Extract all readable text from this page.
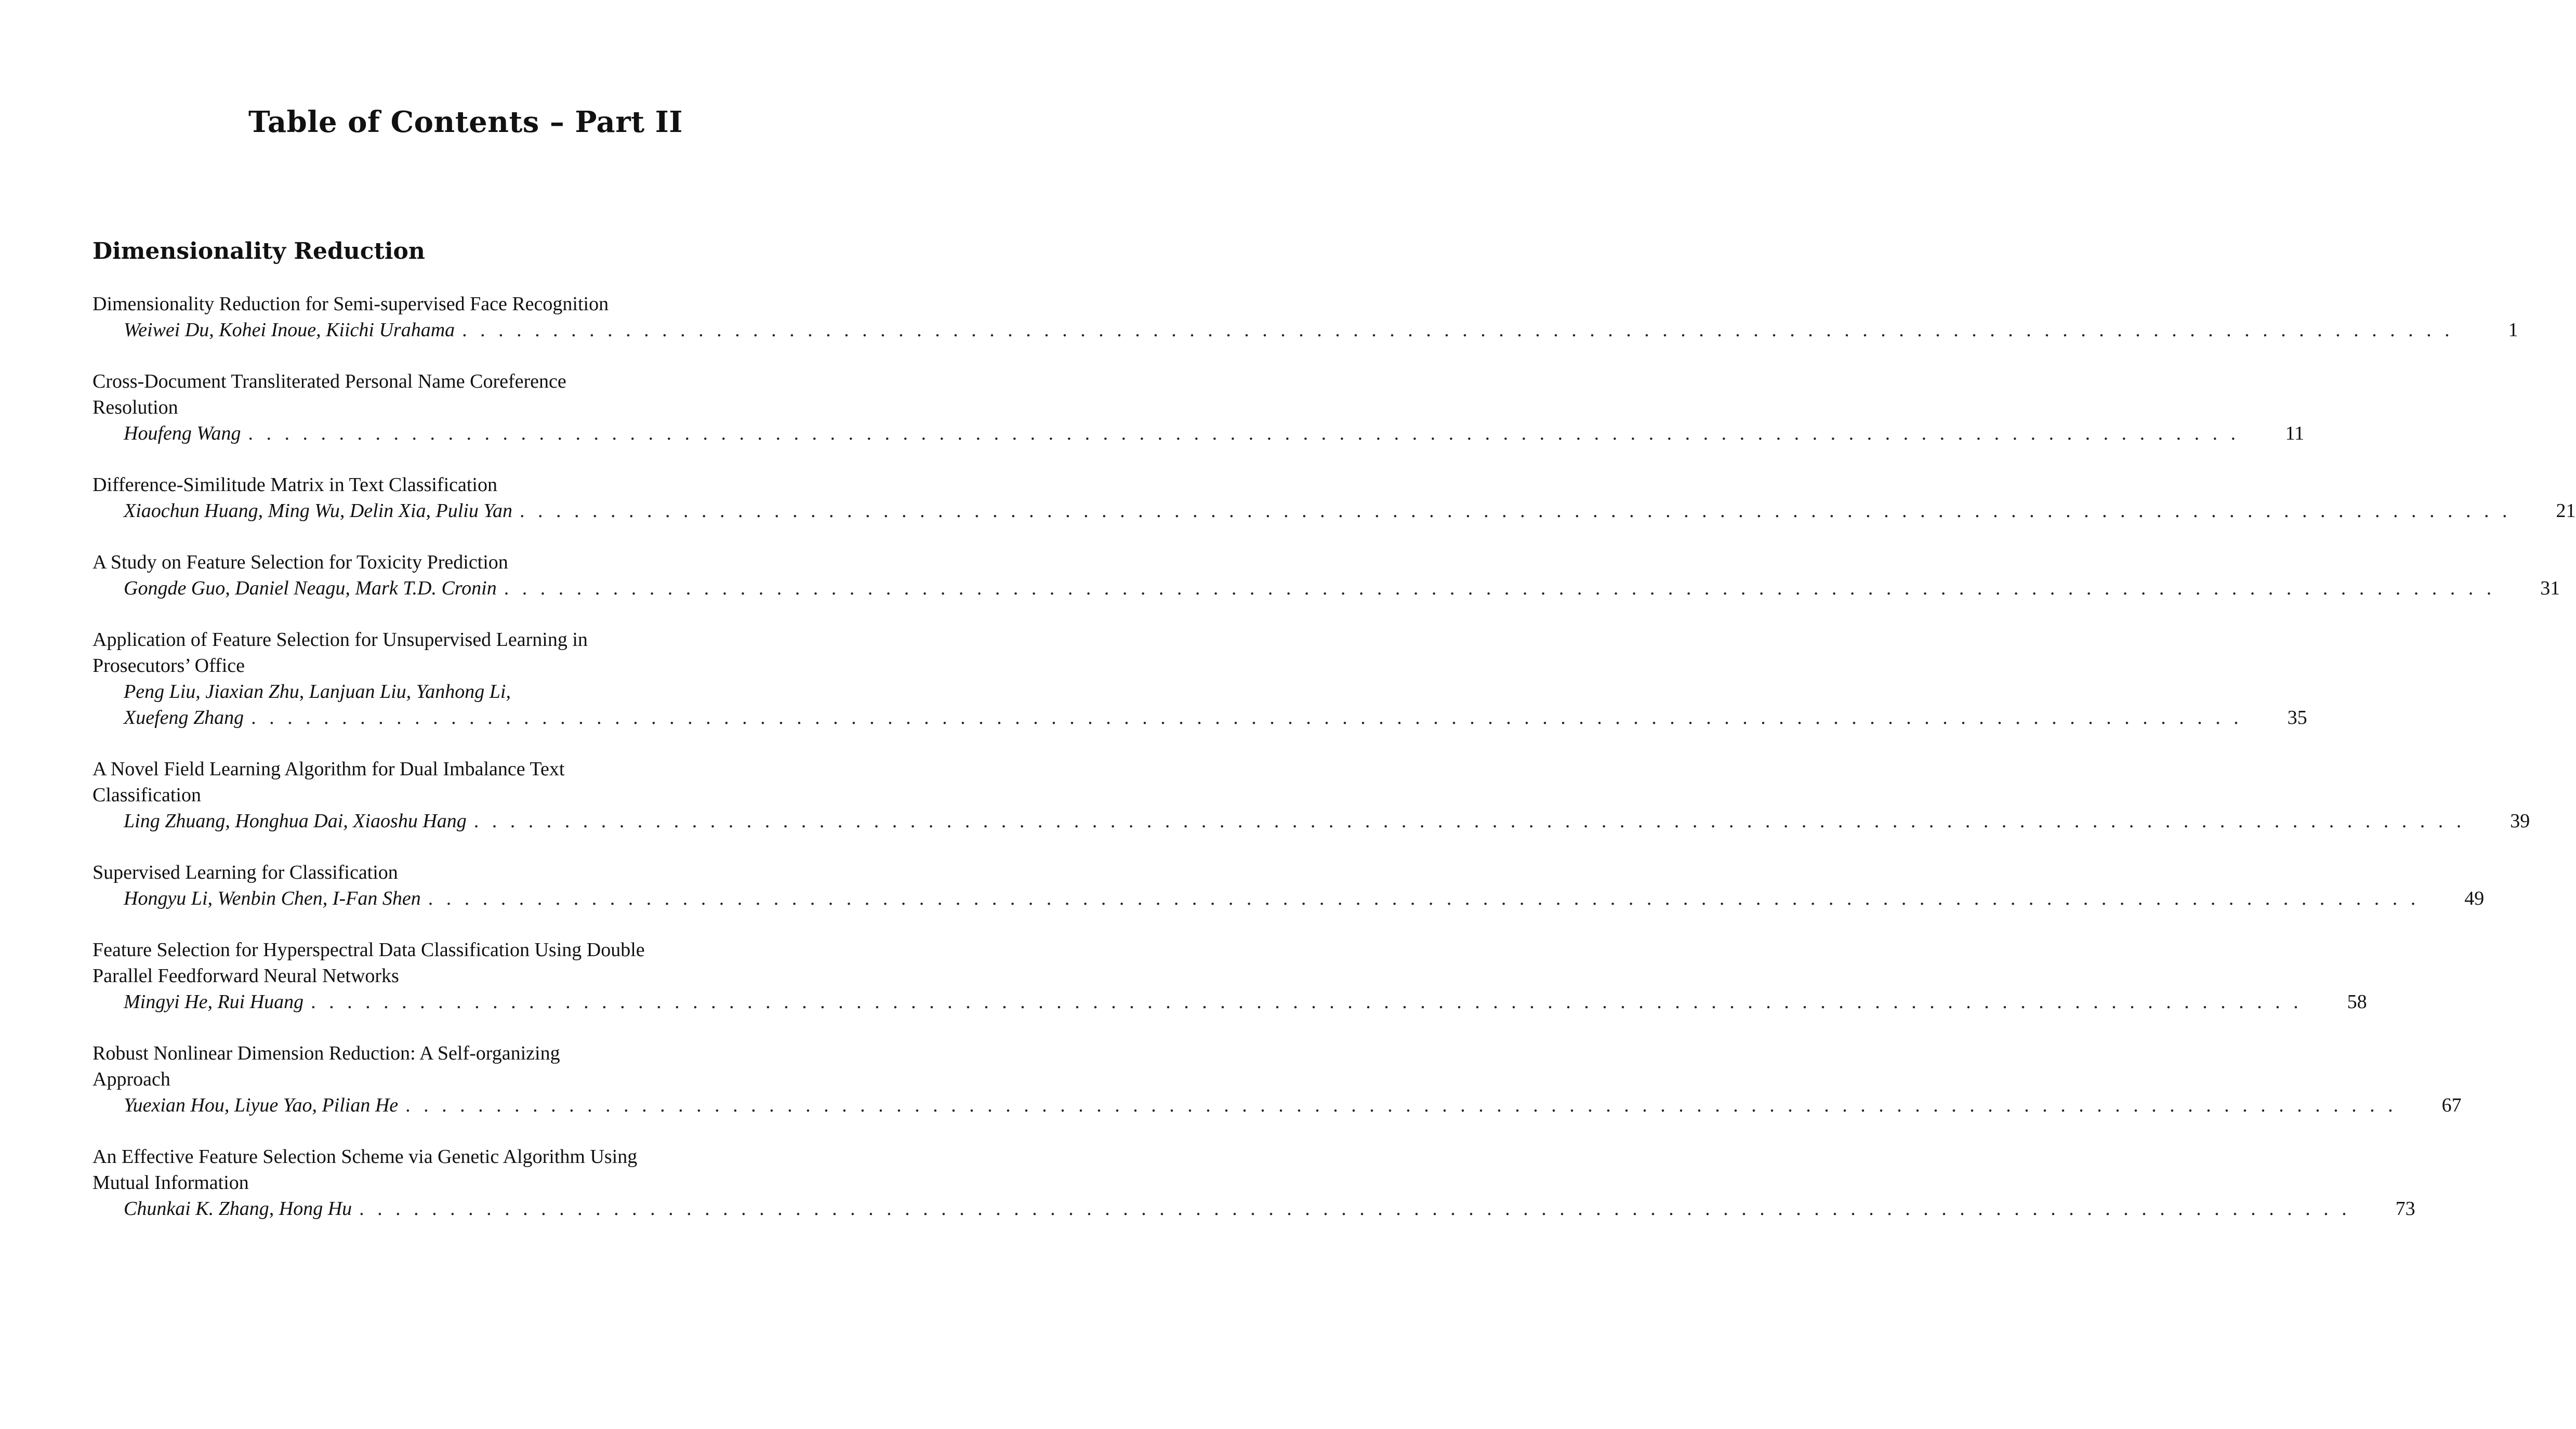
Table of Contents – Part II
Dimensionality Reduction
Dimensionality Reduction for Semi-supervised Face Recognition
Weiwei Du, Kohei Inoue, Kiichi Urahama . . . . . . . . . . . . . . . . . . . . . . . . . . . . . . . . . . . . . . . . . . . . . . . . . . . . . . . . . . . . . . . . . . . . . . . . . . . . . . . . . . . . . . . . . . . . . . . . . . . . . . . . . . . . . .	1
Cross-Document Transliterated Personal Name Coreference
Resolution
Houfeng Wang . . . . . . . . . . . . . . . . . . . . . . . . . . . . . . . . . . . . . . . . . . . . . . . . . . . . . . . . . . . . . . . . . . . . . . . . . . . . . . . . . . . . . . . . . . . . . . . . . . . . . . . . . . . . . .	11
Difference-Similitude Matrix in Text Classification
Xiaochun Huang, Ming Wu, Delin Xia, Puliu Yan . . . . . . . . . . . . . . . . . . . . . . . . . . . . . . . . . . . . . . . . . . . . . . . . . . . . . . . . . . . . . . . . . . . . . . . . . . . . . . . . . . . . . . . . . . . . . . . . . . . . . . . . . . . . . .	21
A Study on Feature Selection for Toxicity Prediction
Gongde Guo, Daniel Neagu, Mark T.D. Cronin . . . . . . . . . . . . . . . . . . . . . . . . . . . . . . . . . . . . . . . . . . . . . . . . . . . . . . . . . . . . . . . . . . . . . . . . . . . . . . . . . . . . . . . . . . . . . . . . . . . . . . . . . . . . . .	31
Application of Feature Selection for Unsupervised Learning in
Prosecutors’ Office
Peng Liu, Jiaxian Zhu, Lanjuan Liu, Yanhong Li,
Xuefeng Zhang . . . . . . . . . . . . . . . . . . . . . . . . . . . . . . . . . . . . . . . . . . . . . . . . . . . . . . . . . . . . . . . . . . . . . . . . . . . . . . . . . . . . . . . . . . . . . . . . . . . . . . . . . . . . . .	35
A Novel Field Learning Algorithm for Dual Imbalance Text
Classification
Ling Zhuang, Honghua Dai, Xiaoshu Hang . . . . . . . . . . . . . . . . . . . . . . . . . . . . . . . . . . . . . . . . . . . . . . . . . . . . . . . . . . . . . . . . . . . . . . . . . . . . . . . . . . . . . . . . . . . . . . . . . . . . . . . . . . . . . .	39
Supervised Learning for Classification
Hongyu Li, Wenbin Chen, I-Fan Shen . . . . . . . . . . . . . . . . . . . . . . . . . . . . . . . . . . . . . . . . . . . . . . . . . . . . . . . . . . . . . . . . . . . . . . . . . . . . . . . . . . . . . . . . . . . . . . . . . . . . . . . . . . . . . .	49
Feature Selection for Hyperspectral Data Classification Using Double
Parallel Feedforward Neural Networks
Mingyi He, Rui Huang . . . . . . . . . . . . . . . . . . . . . . . . . . . . . . . . . . . . . . . . . . . . . . . . . . . . . . . . . . . . . . . . . . . . . . . . . . . . . . . . . . . . . . . . . . . . . . . . . . . . . . . . . . . . . .	58
Robust Nonlinear Dimension Reduction: A Self-organizing
Approach
Yuexian Hou, Liyue Yao, Pilian He . . . . . . . . . . . . . . . . . . . . . . . . . . . . . . . . . . . . . . . . . . . . . . . . . . . . . . . . . . . . . . . . . . . . . . . . . . . . . . . . . . . . . . . . . . . . . . . . . . . . . . . . . . . . . .	67
An Effective Feature Selection Scheme via Genetic Algorithm Using
Mutual Information
Chunkai K. Zhang, Hong Hu . . . . . . . . . . . . . . . . . . . . . . . . . . . . . . . . . . . . . . . . . . . . . . . . . . . . . . . . . . . . . . . . . . . . . . . . . . . . . . . . . . . . . . . . . . . . . . . . . . . . . . . . . . . . . .	73
